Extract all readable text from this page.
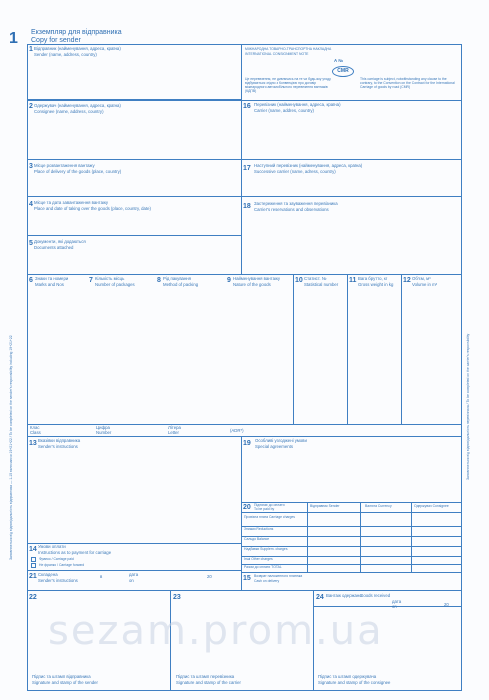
1 Екземпляр для відправника
Copy for sender
МІЖНАРОДНА ТОВАРНО-ТРАНСПОРТНА НАКЛАДНА
INTERNATIONAL CONSIGNMENT NOTE
А №
CMR
Це перевезення, не дивлячись на те чи будь-яку угоду, відбувається згідно з Конвенцією про договір міжнародного автомобільного перевезення вантажів (КДПВ)
This carriage is subject, notwithstanding any clause to the contrary, to the Convention on the Contract for the International Carriage of goods by road (CMR)
1 Відправник (найменування, адреса, країна)
Sender (name, address, country)
2 Одержувач (найменування, адреса, країна)
Consignee (name, address, country)
16 Перевізник (найменування, адреса, країна)
Carrier (name, addres, country)
3 Місце розвантаження вантажу
Place of delivery of the goods (place, country)	17 Наступний перевізник (найменування, адреса, країна)
Successive carrier (name, adress, country)
4 Місце та дата завантаження вантажу
Place and date of taking over the goods (place, country, date)	18 Застереження та зауваження перевізника
Carrier's reservations and observations
5 Документи, які додаються
Documents attached
6 Знаки та номери
Marks and Nos
7 Кількість місць
Number of packages
8 Рід пакування
Method of packing
9 Найменування вантажу
Nature of the goods
10 Статист. №
Statistical number
11 Вага брутто, кг
Gross weight in kg
12 Об'єм, м³
Volume in m³
Клас
Class
Цифра
Number
Літера
Letter	(ADR*)
13 Вказівки відправника
Sender's instructions	19 Особливі узгоджені умови
Special agreements
20 Підлягає до оплати
To be paid by
Відправник Sender	Валюта Currency	Одержувач Consignee
Провізна плата Carriage charges
Знижки Reductions
Сальдо Balance
Надбавки Supplem. charges
Інші Other charges
Разом до сплати TOTAL
14 Умови оплати
Instructions as to payment for carriage
Франко / Carriage paid
Не франко / Carriage forward
21 Складена
Sender's instructions
в	дата
on
20	15 Возврат наложенного платежа
Cash on delivery
22
Підпис та штамп відправника
Signature and stamp of the sender
23
Підпис та штамп перевізника
Signature and stamp of the carrier
24 Вантаж одержано
Goods received
дата
on	20
Підпис та штамп одержувача
Signature and stamp of the consignee
Заповнюється під відповідальність відправника — 1-15 включаючи 19+21+22 / To be completed on the sender's responsibility including 19+21+22	Заповнюється під відповідальність перевізника / To be completed on the carrier's responsibility
sezam.prom.ua
